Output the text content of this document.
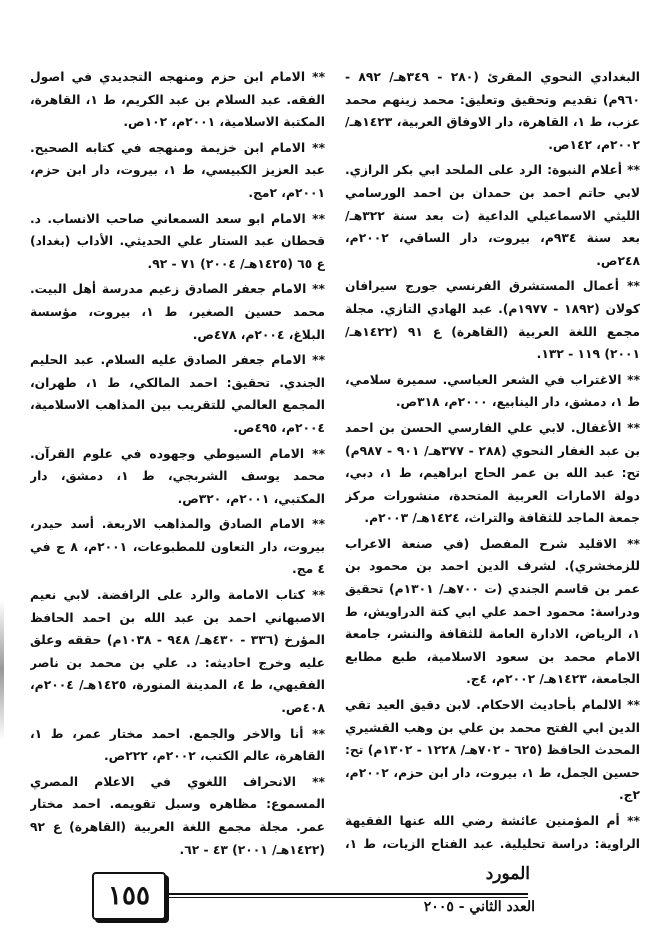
البغدادي النحوي المقرئ (٢٨٠ - ٣٤٩هـ/ ٨٩٢ - ٩٦٠م) تقديم وتحقيق وتعليق: محمد زينهم محمد عزب، ط ١، القاهرة، دار الاوفاق العربية، ١٤٢٣هـ/ ٢٠٠٢م، ١٤٢ص.

** أعلام النبوة: الرد على الملحد ابي بكر الرازي. لابي حاتم احمد بن حمدان بن احمد الورسامي الليثي الاسماعيلي الداعية (ت بعد سنة ٣٢٢هـ/ بعد سنة ٩٣٤م، بيروت، دار الساقي، ٢٠٠٢م، ٢٤٨ص.

** أعمال المستشرق الفرنسي جورج سيرافان كولان (١٨٩٢ - ١٩٧٧م). عبد الهادي التازي. مجلة مجمع اللغة العربية (القاهرة) ع ٩١ (١٤٢٢هـ/ ٢٠٠١) ١١٩ - ١٣٢.

** الاغتراب في الشعر العباسي. سميرة سلامي، ط ١، دمشق، دار الينابيع، ٢٠٠٠م، ٣١٨ص.

** الأغفال. لابي علي الفارسي الحسن بن احمد بن عبد الغفار النحوي (٢٨٨ - ٣٧٧هـ/ ٩٠١ - ٩٨٧م) تح: عبد الله بن عمر الحاج ابراهيم، ط ١، دبي، دولة الامارات العربية المتحدة، منشورات مركز جمعة الماجد للثقافة والتراث، ١٤٢٤هـ/ ٢٠٠٣م.

** الاقليد شرح المفصل (في صنعة الاعراب للزمخشري). لشرف الدين احمد بن محمود بن عمر بن قاسم الجندي (ت ٧٠٠هـ/ ١٣٠١م) تحقيق ودراسة: محمود احمد علي ابي كتة الدراويش، ط ١، الرياض، الادارة العامة للثقافة والنشر، جامعة الامام محمد بن سعود الاسلامية، طبع مطابع الجامعة، ١٤٢٣هـ/ ٢٠٠٢م، ٤ج.

** الالمام بأحاديث الاحكام. لابن دقيق العيد تقي الدين ابي الفتح محمد بن علي بن وهب القشيري المحدث الحافظ (٦٢٥ - ٧٠٢هـ/ ١٢٢٨ - ١٣٠٢م) تح: حسين الجمل، ط ١، بيروت، دار ابن حزم، ٢٠٠٢م، ٢ج.

** أم المؤمنين عائشة رضي الله عنها الفقيهة الراوية: دراسة تحليلية. عبد الفتاح الزيات، ط ١،

** الامام ابن حزم ومنهجه التجديدي في اصول الفقه. عبد السلام بن عبد الكريم، ط ١، القاهرة، المكتبة الاسلامية، ٢٠٠١م، ١٠٢ص.

** الامام ابن خزيمة ومنهجه في كتابه الصحيح. عبد العزيز الكبيسي، ط ١، بيروت، دار ابن حزم، ٢٠٠١م، ٢مج.

** الامام ابو سعد السمعاني صاحب الانساب. د. قحطان عبد الستار علي الحديثي. الأداب (بغداد) ع ٦٥ (١٤٢٥هـ/ ٢٠٠٤) ٧١ - ٩٢.

** الامام جعفر الصادق زعيم مدرسة أهل البيت. محمد حسين الصغير، ط ١، بيروت، مؤسسة البلاغ، ٢٠٠٤م، ٤٧٨ص.

** الامام جعفر الصادق عليه السلام. عبد الحليم الجندي. تحقيق: احمد المالكي، ط ١، طهران، المجمع العالمي للتقريب بين المذاهب الاسلامية، ٢٠٠٤م، ٤٩٥ص.

** الامام السيوطي وجهوده في علوم القرآن. محمد يوسف الشربجي، ط ١، دمشق، دار المكتبي، ٢٠٠١م، ٣٢٠ص.

** الامام الصادق والمذاهب الاربعة. أسد حيدر، بيروت، دار التعاون للمطبوعات، ٢٠٠١م، ٨ ج في ٤ مج.

** كتاب الامامة والرد على الرافضة. لابي نعيم الاصبهاني احمد بن عبد الله بن احمد الحافظ المؤرخ (٣٣٦ - ٤٣٠هـ/ ٩٤٨ - ١٠٣٨م) حققه وعلق عليه وخرج احاديثه: د. علي بن محمد بن ناصر الفقيهي، ط ٤، المدينة المنورة، ١٤٢٥هـ/ ٢٠٠٤م، ٤٠٨ص.

** أنا والاخر والجمع. احمد مختار عمر، ط ١، القاهرة، عالم الكتب، ٢٠٠٢م، ٢٢٢ص.

** الانحراف اللغوي في الاعلام المصري المسموع: مظاهره وسبل تقويمه. احمد مختار عمر. مجلة مجمع اللغة العربية (القاهرة) ع ٩٢ (١٤٢٢هـ/ ٢٠٠١) ٤٣ - ٦٢.

١٥٥
المورد
العدد الثاني - ٢٠٠٥
